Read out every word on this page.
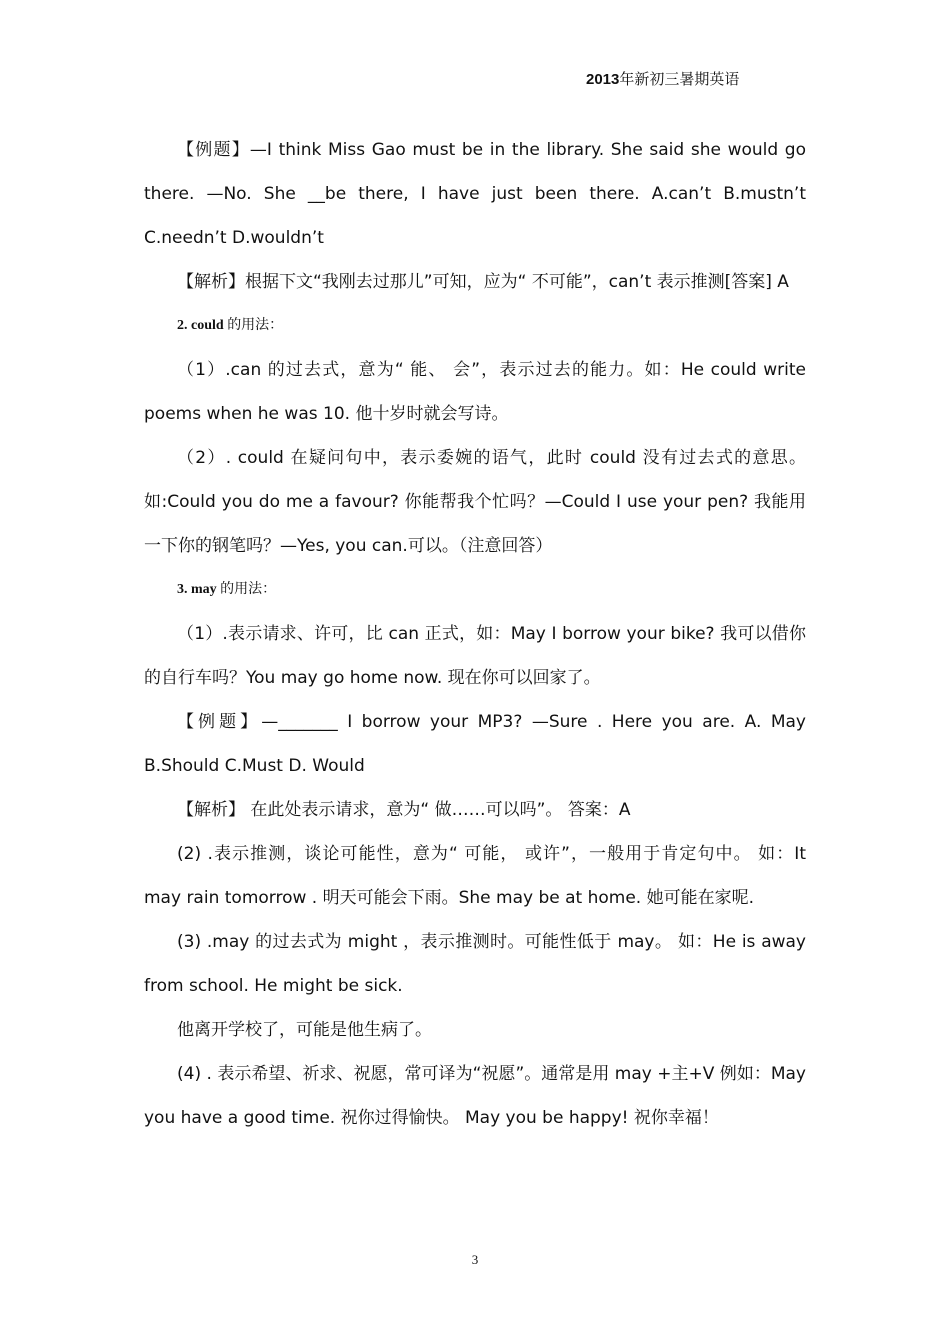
2013年新初三暑期英语

【例题】—I think Miss Gao must be in the library. She said she would go there. —No. She __be there, I have just been there. A.can’t B.mustn’t C.needn’t D.wouldn’t

【解析】根据下文“我刚去过那儿”可知，应为“ 不可能”，can’t 表示推测[答案] A

2. could 的用法：

（1）.can 的过去式，意为“ 能、 会”，表示过去的能力。如：He could write poems when he was 10. 他十岁时就会写诗。

（2）. could 在疑问句中，表示委婉的语气，此时 could 没有过去式的意思。如:Could you do me a favour? 你能帮我个忙吗？—Could I use your pen? 我能用一下你的钢笔吗？—Yes, you can.可以。（注意回答）

3. may 的用法：

（1）.表示请求、许可，比 can 正式，如：May I borrow your bike? 我可以借你的自行车吗？You may go home now. 现在你可以回家了。

【例题】—_______ I borrow your MP3? —Sure . Here you are. A. May B.Should C.Must D. Would

【解析】 在此处表示请求，意为“ 做……可以吗”。 答案：A

(2) .表示推测，谈论可能性，意为“ 可能， 或许”，一般用于肯定句中。 如：It may rain tomorrow . 明天可能会下雨。She may be at home. 她可能在家呢.

(3) .may 的过去式为 might ，表示推测时。可能性低于 may。 如：He is away from school. He might be sick.

他离开学校了，可能是他生病了。

(4) . 表示希望、祈求、祝愿，常可译为“祝愿”。通常是用 may +主+V 例如：May you have a good time. 祝你过得愉快。 May you be happy! 祝你幸福！

3
